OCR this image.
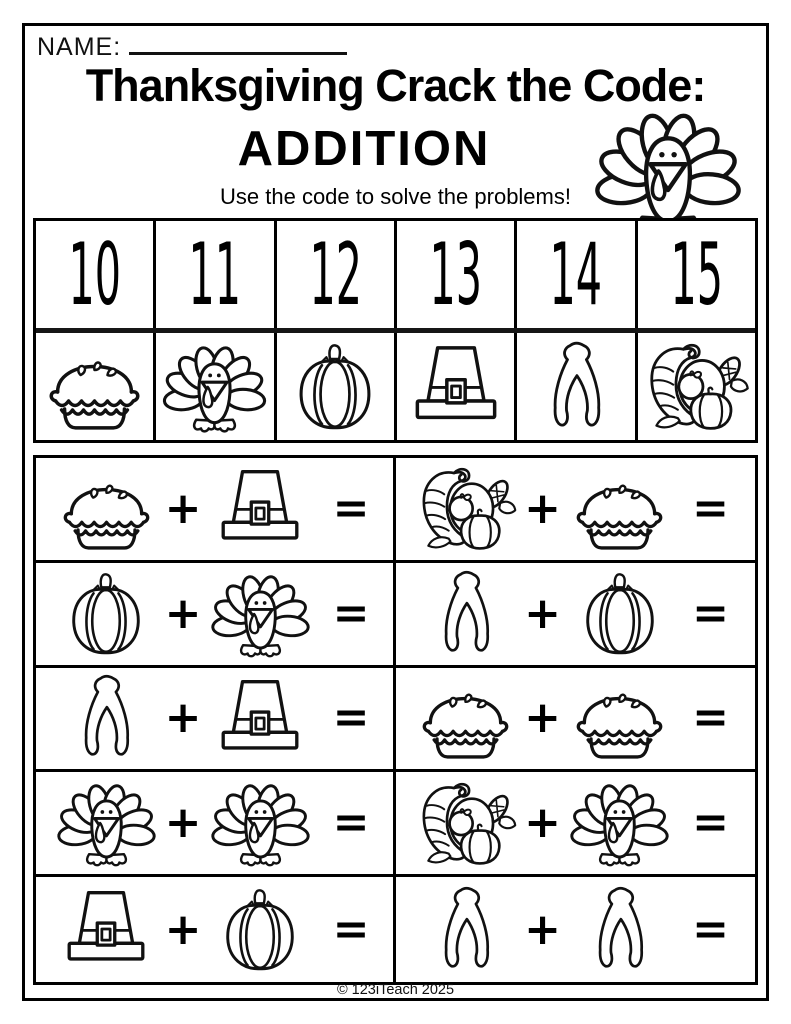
NAME:
Thanksgiving Crack the Code:
ADDITION

Use the code to solve the problems!

10 11 12 13 14 15
+	=	+	=
+	=	+	=
+	=	+	=
+	=	+	=
+	=	+	=
© 123iTeach 2025
